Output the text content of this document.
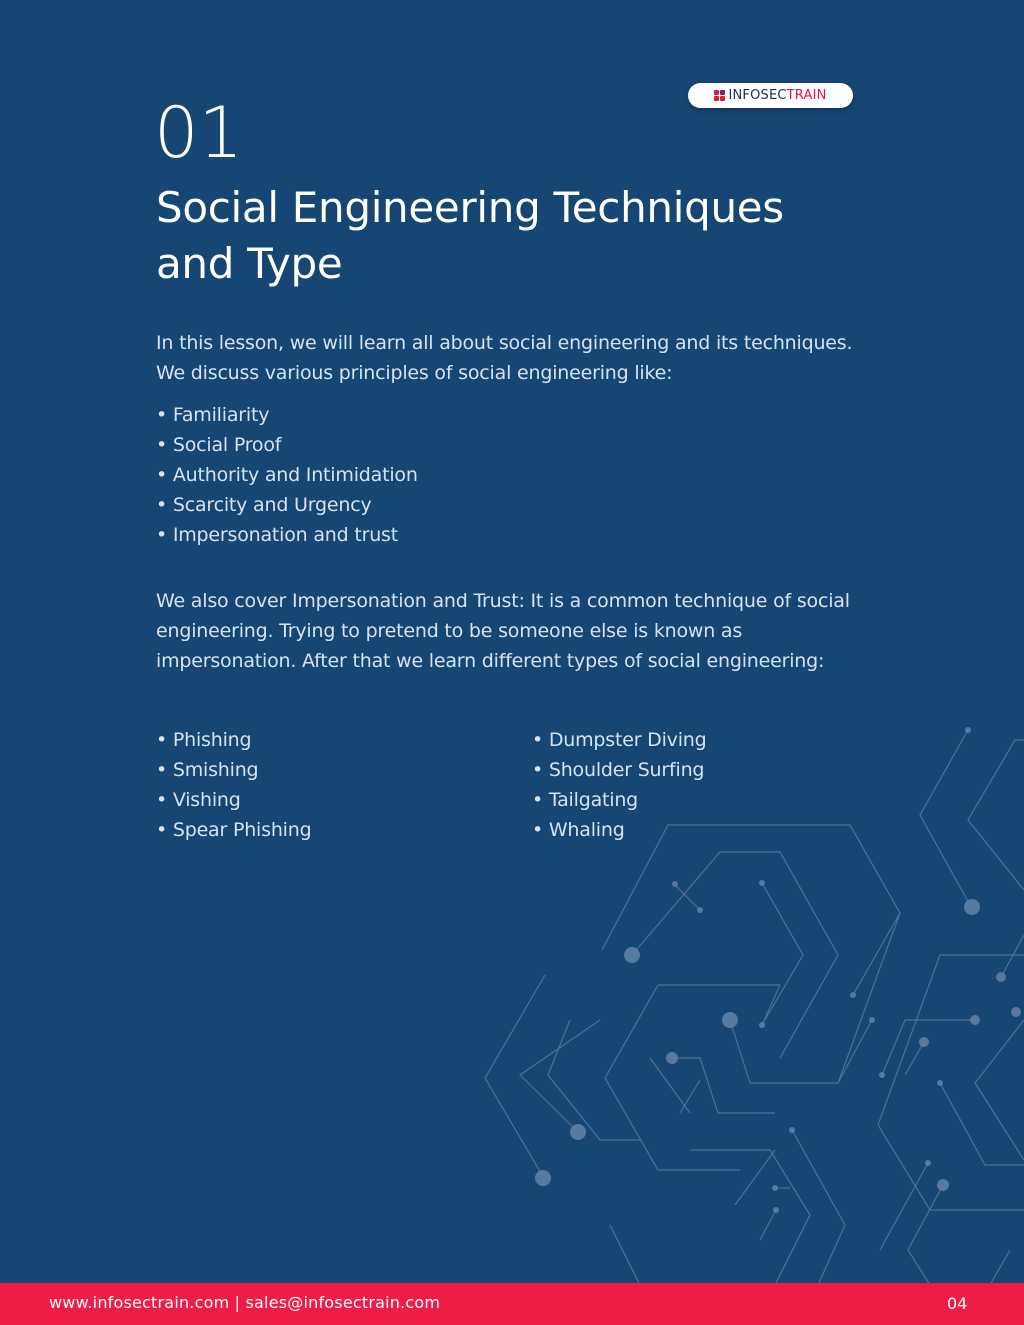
INFOSECTRAIN
01
Social Engineering Techniques
and Type

In this lesson, we will learn all about social engineering and its techniques. We discuss various principles of social engineering like:

• Familiarity
• Social Proof
• Authority and Intimidation
• Scarcity and Urgency
• Impersonation and trust

We also cover Impersonation and Trust: It is a common technique of social engineering. Trying to pretend to be someone else is known as impersonation. After that we learn different types of social engineering:

• Phishing
• Smishing
• Vishing
• Spear Phishing
• Dumpster Diving
• Shoulder Surfing
• Tailgating
• Whaling
www.infosectrain.com | sales@infosectrain.com	04
